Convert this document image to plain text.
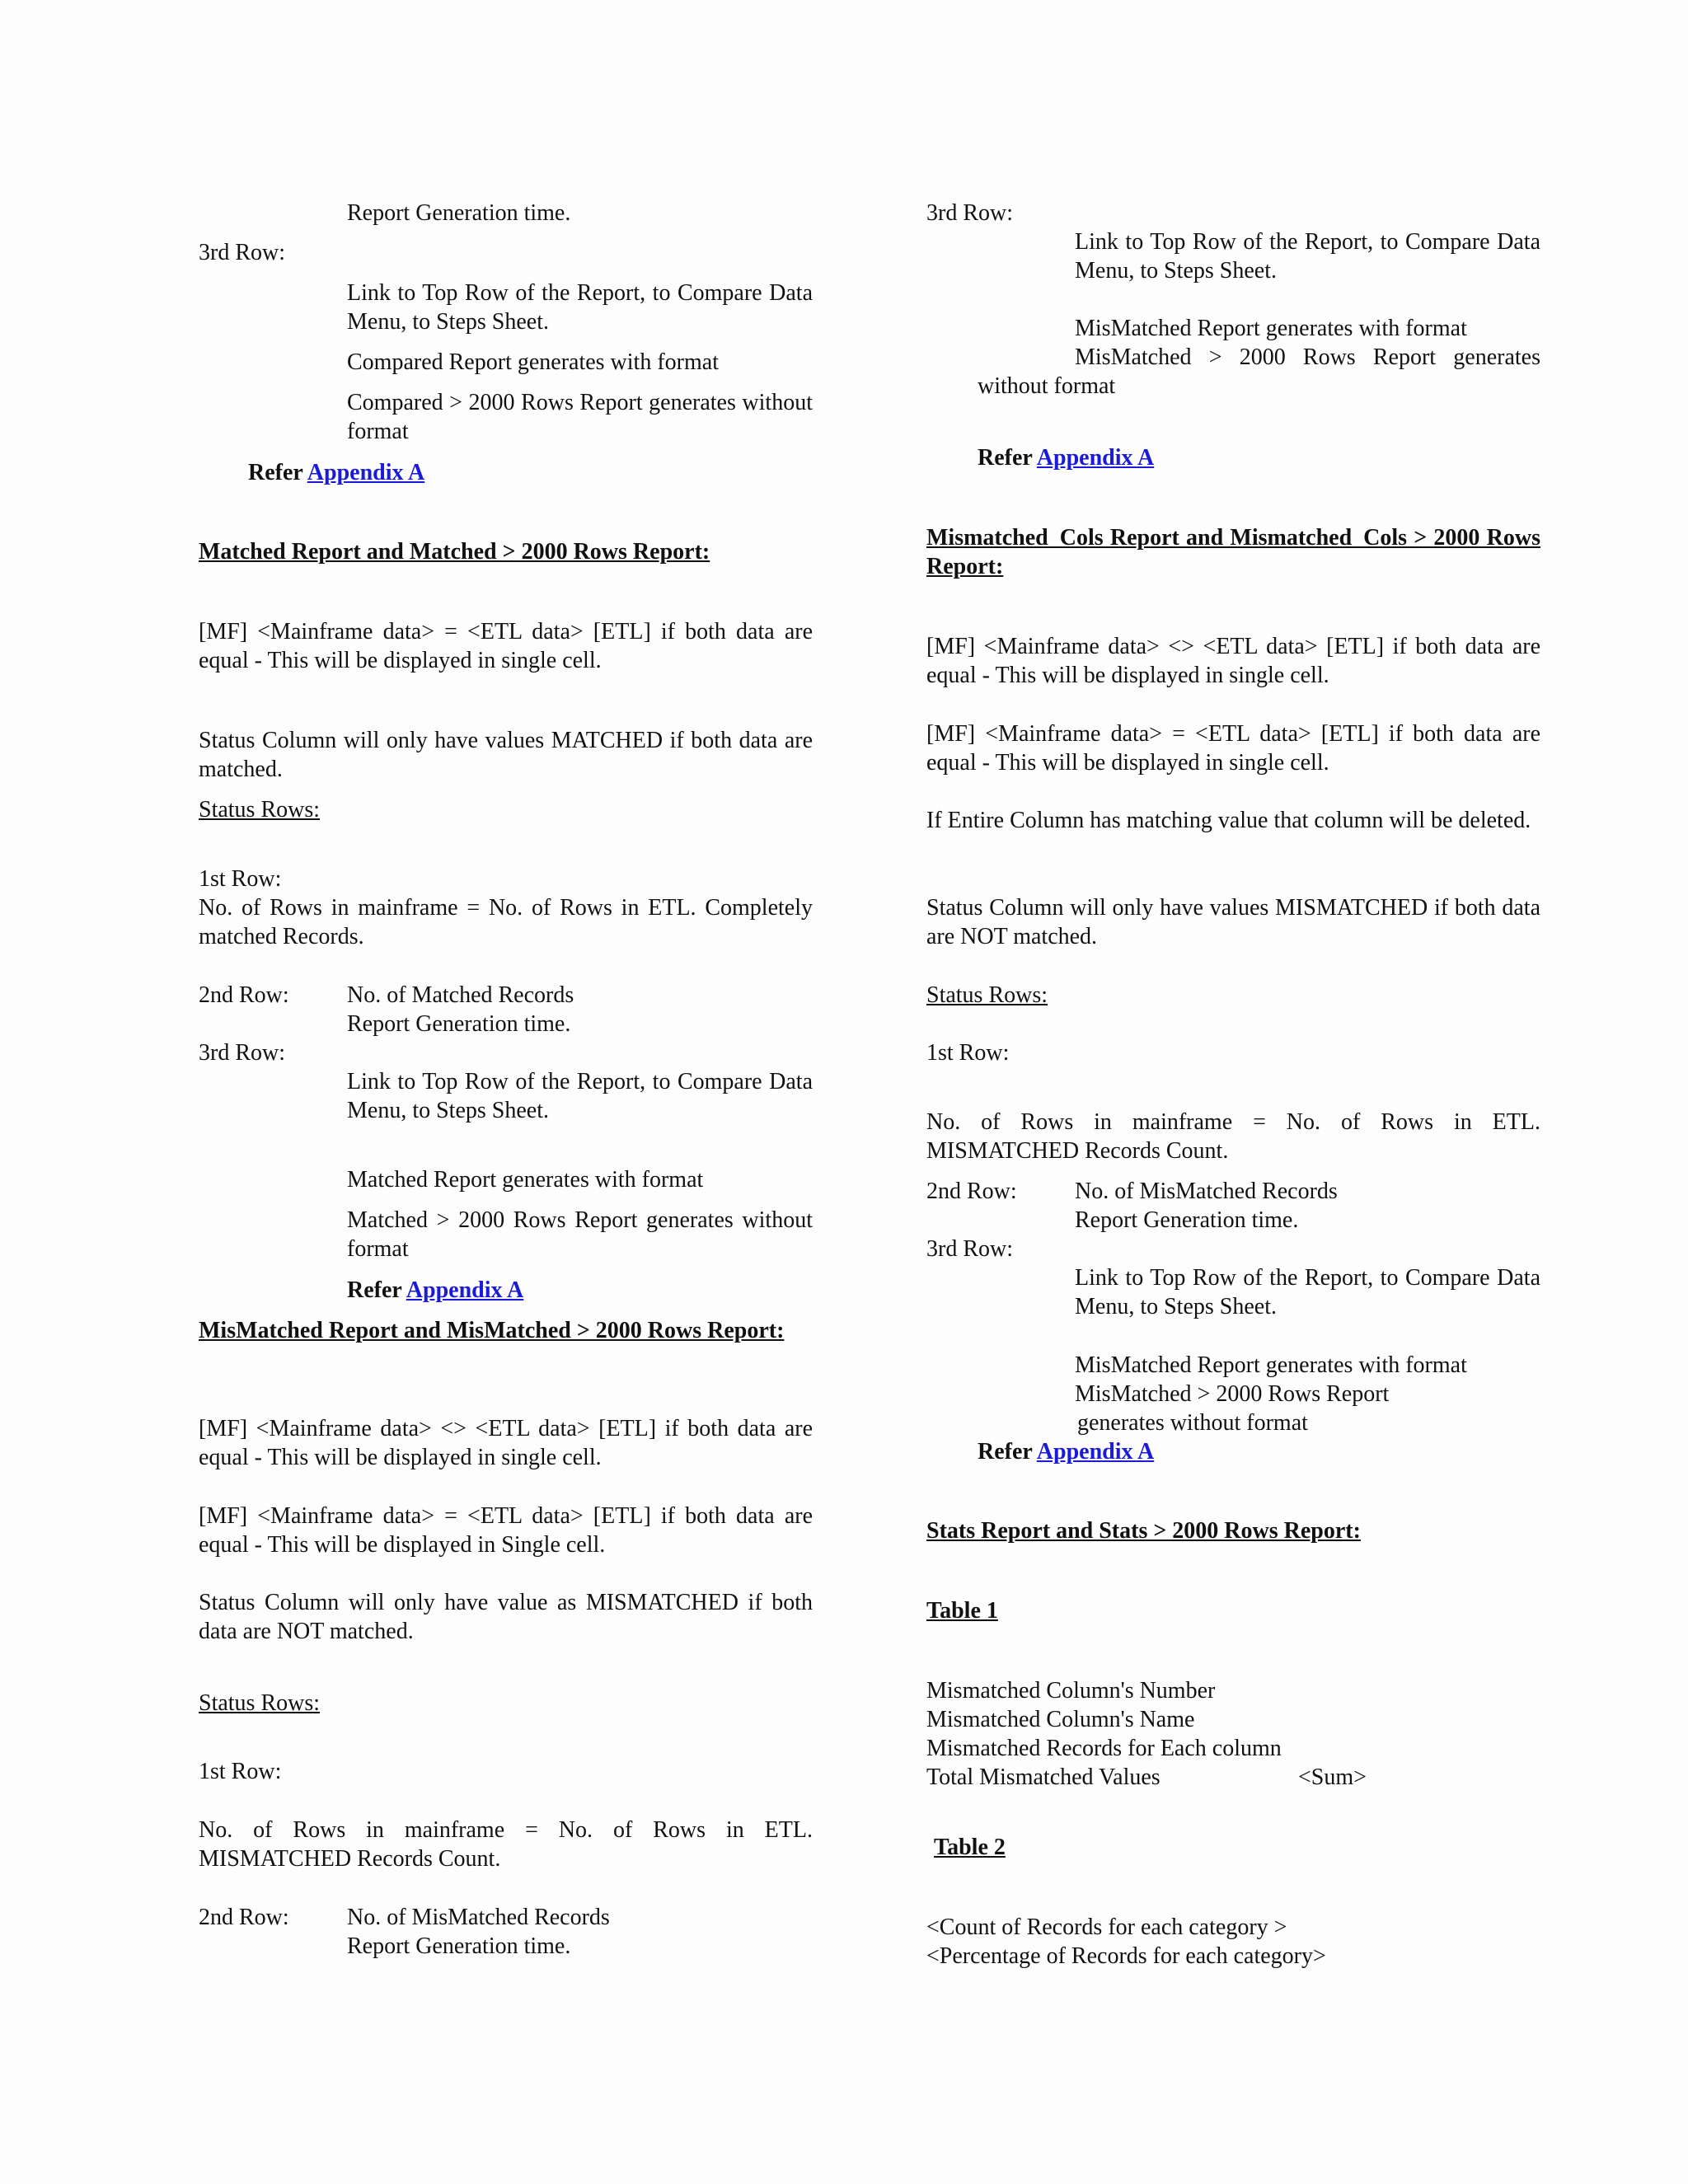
Report Generation time.

3rd Row:

Link to Top Row of the Report, to Compare Data Menu, to Steps Sheet.

Compared Report generates with format

Compared > 2000 Rows Report generates without format

Refer Appendix A

Matched Report and Matched > 2000 Rows Report:

[MF] <Mainframe data> = <ETL data> [ETL] if both data are equal - This will be displayed in single cell.

Status Column will only have values MATCHED if both data are matched.

Status Rows:

1st Row:

No. of Rows in mainframe = No. of Rows in ETL. Completely matched Records.

2nd Row:	No. of Matched Records
Report Generation time.

3rd Row:

Link to Top Row of the Report, to Compare Data Menu, to Steps Sheet.

Matched Report generates with format

Matched > 2000 Rows Report generates without format

Refer Appendix A

MisMatched Report and MisMatched > 2000 Rows Report:

[MF] <Mainframe data> <> <ETL data> [ETL] if both data are equal - This will be displayed in single cell.

[MF] <Mainframe data> = <ETL data> [ETL] if both data are equal - This will be displayed in Single cell.

Status Column will only have value as MISMATCHED if both data are NOT matched.

Status Rows:

1st Row:

No. of Rows in mainframe = No. of Rows in ETL. MISMATCHED Records Count.

2nd Row:	No. of MisMatched Records
Report Generation time.

3rd Row:

Link to Top Row of the Report, to Compare Data Menu, to Steps Sheet.

MisMatched Report generates with format

MisMatched > 2000 Rows Report generates

without format

Refer Appendix A

Mismatched_Cols Report and Mismatched_Cols > 2000 Rows Report:

[MF] <Mainframe data> <> <ETL data> [ETL] if both data are equal - This will be displayed in single cell.

[MF] <Mainframe data> = <ETL data> [ETL] if both data are equal - This will be displayed in single cell.

If Entire Column has matching value that column will be deleted.

Status Column will only have values MISMATCHED if both data are NOT matched.

Status Rows:

1st Row:

No. of Rows in mainframe = No. of Rows in ETL. MISMATCHED Records Count.

2nd Row:	No. of MisMatched Records
Report Generation time.

3rd Row:

Link to Top Row of the Report, to Compare Data Menu, to Steps Sheet.

MisMatched Report generates with format

MisMatched > 2000 Rows Report

generates without format

Refer Appendix A

Stats Report and Stats > 2000 Rows Report:

Table 1

Mismatched Column's Number
Mismatched Column's Name
Mismatched Records for Each column
Total Mismatched Values	<Sum>

Table 2

<Count of Records for each category >
<Percentage of Records for each category>
